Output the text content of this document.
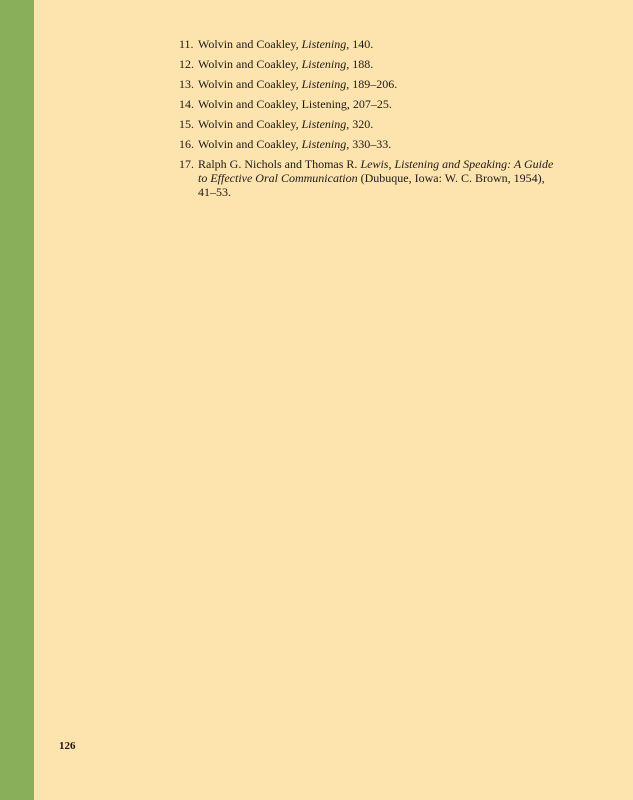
11. Wolvin and Coakley, Listening, 140.
12. Wolvin and Coakley, Listening, 188.
13. Wolvin and Coakley, Listening, 189–206.
14. Wolvin and Coakley, Listening, 207–25.
15. Wolvin and Coakley, Listening, 320.
16. Wolvin and Coakley, Listening, 330–33.
17. Ralph G. Nichols and Thomas R. Lewis, Listening and Speaking: A Guide to Effective Oral Communication (Dubuque, Iowa: W. C. Brown, 1954), 41–53.
126
